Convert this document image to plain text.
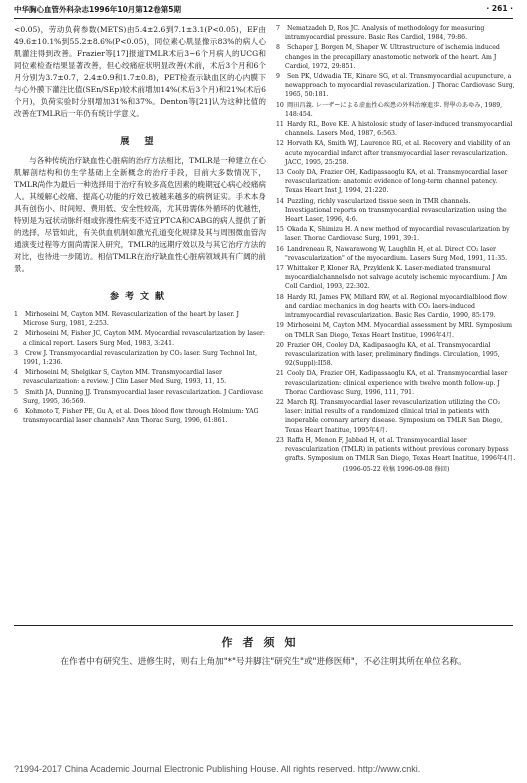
中华胸心血管外科杂志1996年10月第12卷第5期	· 261 ·

<0.05)，劳动负荷参数(METS)由5.4±2.6到7.1±3.1(P<0.05)，EF由49.6±10.1%到55.2±8.6%(P<0.05)，同位素心肌显像示83%的病人心肌灌注得到改善。Frazier等[17]报道TMLR术后3~6个月病人的UCG和同位素检查结果显著改善，但心绞痛症状明显改善(术前，术后3个月和6个月分别为3.7±0.7，2.4±0.9和1.7±0.8)，PET检查示缺血区的心内膜下与心外膜下灌注比值(SEn/SEp)较术前增加14%(术后3个月)和21%(术后6个月)，负荷实验时分别增加31%和37%。Denton等[21]认为这种比值的改善在TMLR后一年仍有统计学意义。

展 望

与各种传统治疗缺血性心脏病的治疗方法相比，TMLR是一种建立在心肌解剖结构和仿生学基础上全新概念的治疗手段，目前大多数情况下，TMLR尚作为最后一种选择用于治疗有较多高危因素的晚期冠心病心绞痛病人。其缓解心绞痛、提高心功能的疗效已被越来越多的病例证实。手术本身具有创伤小、时间短、费用低、安全性较高，尤其毋需体外循环的优越性，特别是为冠状动脉纤细或弥漫性病变不适宜PTCA和CABG的病人提供了新的选择，尽管如此，有关供血机制如激光孔道变化规律及其与周围微血管沟通演变过程等方面尚需深入研究，TMLR的远期疗效以及与其它治疗方法的对比，也待进一步随访。相信TMLR在治疗缺血性心脏病领域具有广阔的前景。

参考文献
1 Mirhoseini M, Cayton MM. Revascularization of the heart by laser. J Microse Surg, 1981, 2:253.
2 Mirhoseini M, Fisher JC, Cayton MM. Myocardial revascularization by laser: a clinical report. Lasers Surg Med, 1983, 3:241.
3 Crew J. Transmyocardial revascularization by CO₂ laser. Surg Technol Int, 1991, 1:236.
4 Mirhoseini M, Shelgikar S, Cayton MM. Transmyocardial laser revascularization: a review. J Clin Laser Med Surg, 1993, 11, 15.
5 Smith JA, Dunning JJ. Transmyocardial laser revascularization. J Cardiovasc Surg, 1995, 36:569.
6 Kohmoto T, Fisher PE, Gu A, et al. Does blood flow through Holmium: YAG transmyocardial laser channels? Ann Thorac Surg, 1996, 61:861.
7 Nematzadeh D, Ros JC. Analysis of methodology for measuring intramyocardial pressure. Basic Res Cardiol, 1984, 79:86.
8 Schaper J, Borgen M, Shaper W. Ultrastructure of ischemia induced changes in the precapillary anastomotic network of the heart. Am J Cardiol, 1972, 29:851.
9 Sen PK, Udwadia TE, Kinare SG, et al. Transmyocardial acupuncture, a newapproach to myocardial revascularization. J Thorac Cardiovasc Surg, 1965, 50:181.
10 岡田昌義. レ一ザーによる虚血性心疾患の外科治療進歩. 腎學のあゆみ, 1989, 148:454.
11 Hardy RL, Bove KE. A histolosic study of laser-induced transmyocardial channels. Lasers Med, 1987, 6:563.
12 Horvath KA, Smith WJ, Laurence RG, et al. Recovery and viability of an acute myocardial infarct after transmyocardial laser revascularization. JACC, 1995, 25:258.
13 Cooly DA, Frazier OH, Kadipassaoglu KA, et al. Transmyocardial laser revascularization: anatomic evidence of long-term channel patency. Texas Heart Inst J, 1994, 21:220.
14 Puzzling, richly vascularized tissue seen in TMR channels. Investigational reports on transmyocardial revascularization using the Heart Laser, 1996, 4:6.
15 Okada K, Shimizu H. A new method of myocardial revascularization by laser. Thorac Cardiovasc Surg, 1991, 39:1.
16 Landreneau R, Nawarawong W, Laughlin H, et al. Direct CO₂ laser "revascularization" of the myocardium. Lasers Surg Med, 1991, 11:35.
17 Whittaker P, Kloner RA, Przyklenk K. Laser-mediated transmural myocardialchannelsdo not salvage acutely ischemic myocardium. J Am Coll Cardiol, 1993, 22:302.
18 Hardy RI, James FW, Millard RW, et al. Regional myocardialblood flow and cardiac mechanics in dog hearts with CO₂ laers-induced intramyocardial revascularization. Basic Res Cardio, 1990, 85:179.
19 Mirhoseini M, Cayton MM. Myocardial assessment by MRI. Symposium on TMLR San Diego, Texas Heart Institue, 1996年4月.
20 Frazier OH, Cooley DA, Kadipasaoglu KA, et al. Transmyocardial revascularization with laser, preliminary findings. Circulation, 1995, 92(Suppl):II58.
21 Cooly DA, Frazier OH, Kadipassaoglu KA, et al. Transmyocardial laser revascularization: clinical experience with twelve month follow-up. J Thorac Cardiovasc Surg, 1996, 111, 791.
22 March RJ. Transmyocardial laser revascularization utilizing the CO₂ laser: initial results of a randomized clinical trial in patients with inoperable coronary artery disease. Symposium on TMLR San Diego, Texas Heart Inatitue, 1995年4月.
23 Raffa H, Menon F, Jabbad H, et al. Transmyocardial laser revascularization (TMLR) in patients without previous coronary bypass grafts. Symposium on TMLR San Diego, Texas Heart Inatitue, 1996年4月.
(1996-05-22 收稿 1996-09-08 修回)
作者须知
在作者中有研究生、进修生时，则右上角加"*"号并脚注"研究生"或"进修医师"，不必注明其所在单位名称。
?1994-2017 China Academic Journal Electronic Publishing House. All rights reserved. http://www.cnki.
